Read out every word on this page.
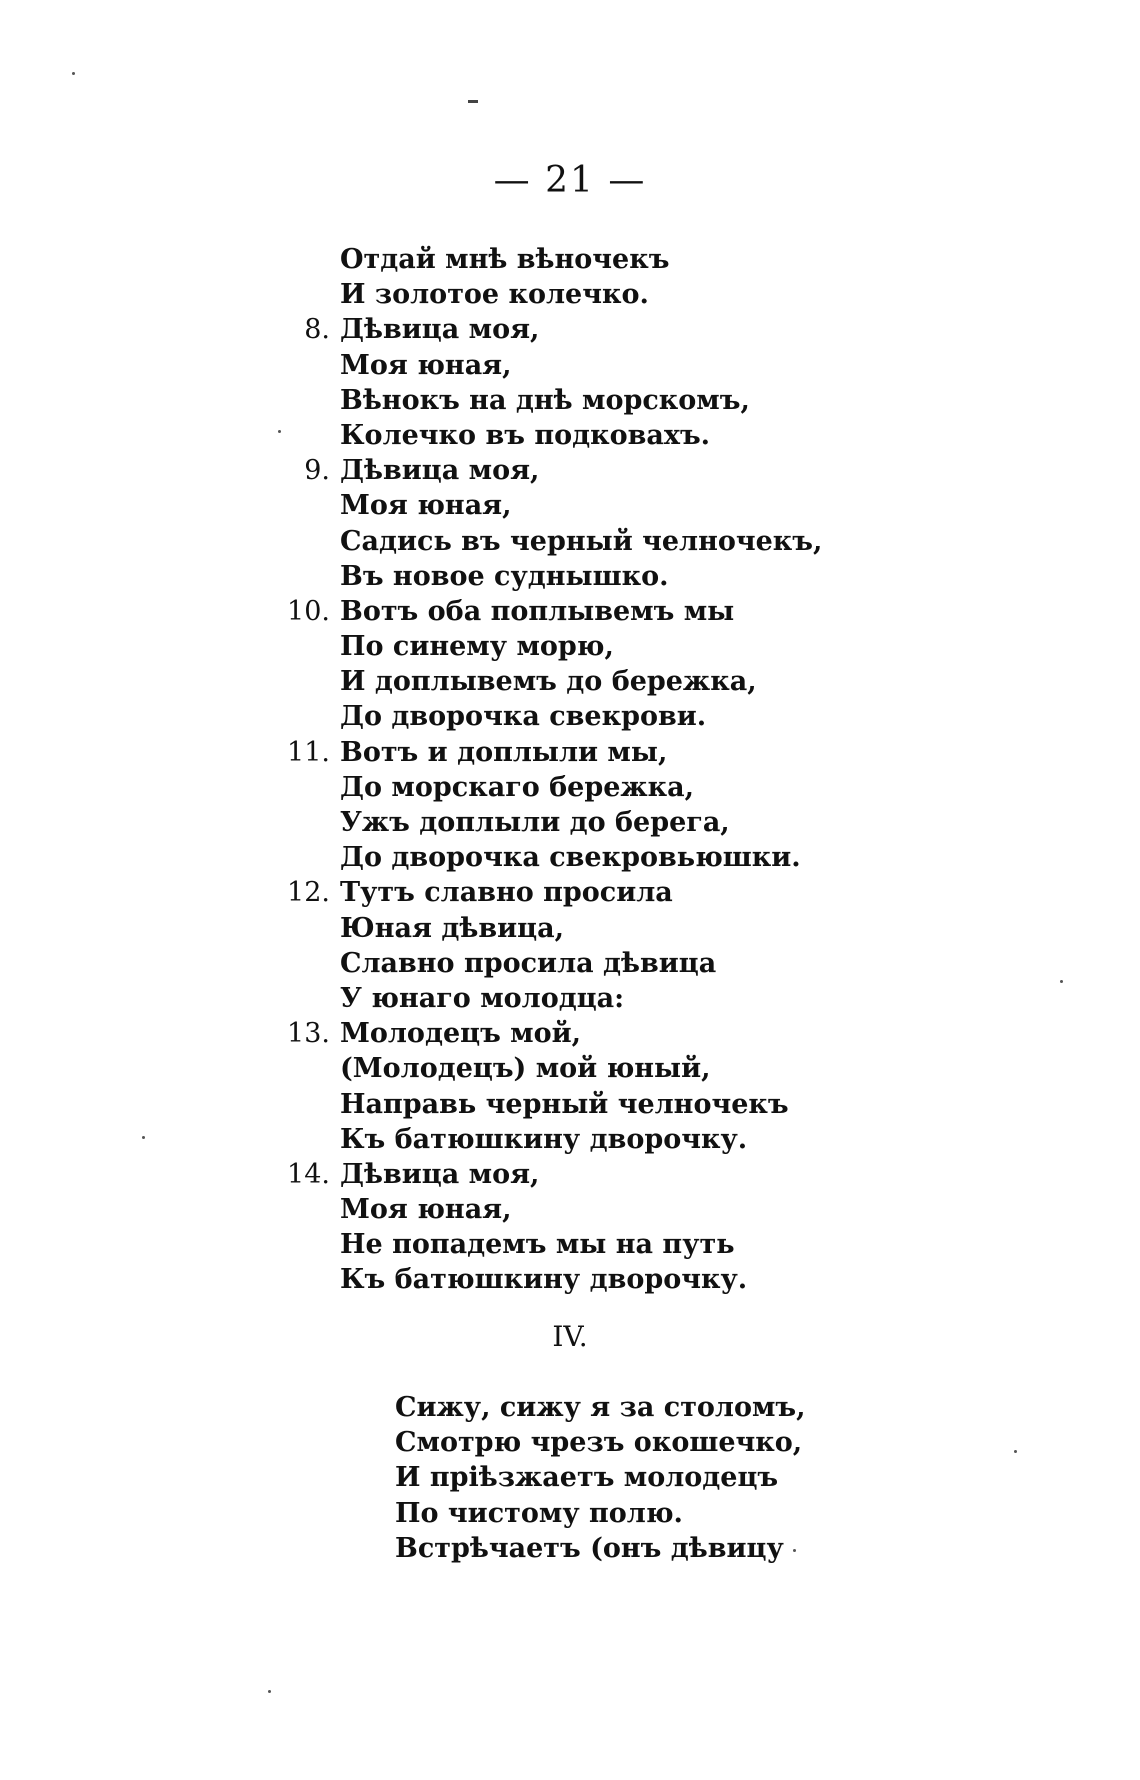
— 21 —
Отдай мнѣ вѣночекъ
И золотое колечко.
8. Дѣвица моя,
Моя юная,
Вѣнокъ на днѣ морскомъ,
Колечко въ подковахъ.
9. Дѣвица моя,
Моя юная,
Садись въ черный челночекъ,
Въ новое суднышко.
10. Вотъ оба поплывемъ мы
По синему морю,
И доплывемъ до бережка,
До дворочка свекрови.
11. Вотъ и доплыли мы,
До морскаго бережка,
Ужъ доплыли до берега,
До дворочка свекровьюшки.
12. Тутъ славно просила
Юная дѣвица,
Славно просила дѣвица
У юнаго молодца:
13. Молодецъ мой,
(Молодецъ) мой юный,
Направь черный челночекъ
Къ батюшкину дворочку.
14. Дѣвица моя,
Моя юная,
Не попадемъ мы на путь
Къ батюшкину дворочку.
IV.
Сижу, сижу я за столомъ,
Смотрю чрезъ окошечко,
И пріѣзжаетъ молодецъ
По чистому полю.
Встрѣчаетъ (онъ дѣвицу
